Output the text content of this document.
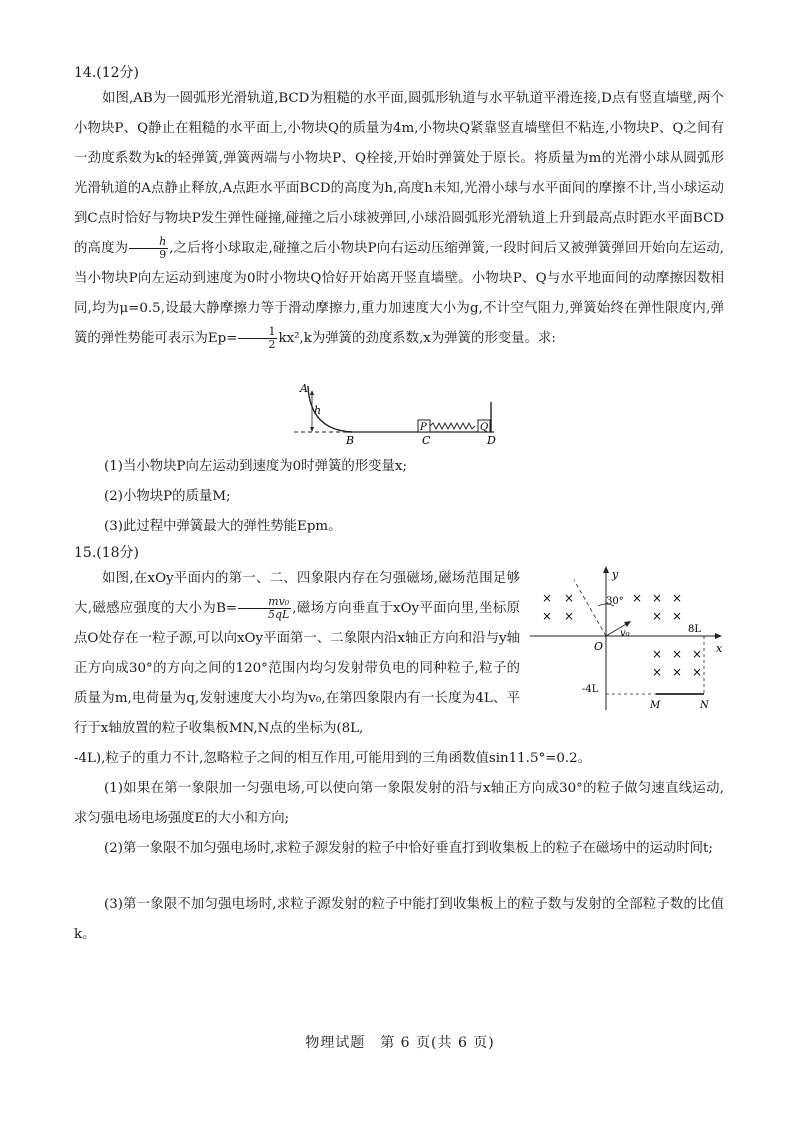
14.(12分)
如图,AB为一圆弧形光滑轨道,BCD为粗糙的水平面,圆弧形轨道与水平轨道平滑连接,D点有竖直墙壁,两个小物块P、Q静止在粗糙的水平面上,小物块Q的质量为4m,小物块Q紧靠竖直墙壁但不粘连,小物块P、Q之间有一劲度系数为k的轻弹簧,弹簧两端与小物块P、Q栓接,开始时弹簧处于原长。将质量为m的光滑小球从圆弧形光滑轨道的A点静止释放,A点距水平面BCD的高度为h,高度h未知,光滑小球与水平面间的摩擦不计,当小球运动到C点时恰好与物块P发生弹性碰撞,碰撞之后小球被弹回,小球沿圆弧形光滑轨道上升到最高点时距水平面BCD的高度为 $\frac{h}{9}$ ,之后将小球取走,碰撞之后小物块P向右运动压缩弹簧,一段时间后又被弹簧弹回开始向左运动,当小物块P向左运动到速度为0时小物块Q恰好开始离开竖直墙壁。小物块P、Q与水平地面间的动摩擦因数相同,均为μ=0.5,设最大静摩擦力等于滑动摩擦力,重力加速度大小为g,不计空气阻力,弹簧始终在弹性限度内,弹簧的弹性势能可表示为$Ep= \frac{1}{2} kx^2,k$为弹簧的劲度系数,x为弹簧的形变量。求:
A
h
B
P	Q
C	D
(1)当小物块P向左运动到速度为0时弹簧的形变量x;
(2)小物块P的质量M;
(3)此过程中弹簧最大的弹性势能Epm。
15.(18分)
如图,在xOy平面内的第一、二、四象限内存在匀强磁场,磁场范围足够大,磁感应强度的大小为$B= \frac{\text{mv₀}}{5qL}$ ,磁场方向垂直于xOy平面向里,坐标原点O处存在一粒子源,可以向xOy平面第一、二象限内沿x轴正方向和沿与y轴正方向成30°的方向之间的120°范围内均匀发射带负电的同种粒子,粒子的质量为m,电荷量为q,发射速度大小均为v₀,在第四象限内有一长度为4L、平行于x轴放置的粒子收集板MN,N点的坐标为(8L,
-4L),粒子的重力不计,忽略粒子之间的相互作用,可能用到的三角函数值sin11.5°=0.2。
y
x
O
30°
v₀
× ×
× ×
× × ×
× ×
8L
× × ×
× × ×
-4L
M	N
(1)如果在第一象限加一匀强电场,可以使向第一象限发射的沿与x轴正方向成30°的粒子做匀速直线运动,求匀强电场电场强度E的大小和方向;
(2)第一象限不加匀强电场时,求粒子源发射的粒子中恰好垂直打到收集板上的粒子在磁场中的运动时间t;
(3)第一象限不加匀强电场时,求粒子源发射的粒子中能打到收集板上的粒子数与发射的全部粒子数的比值k。
物理试题　第 6 页(共 6 页)
